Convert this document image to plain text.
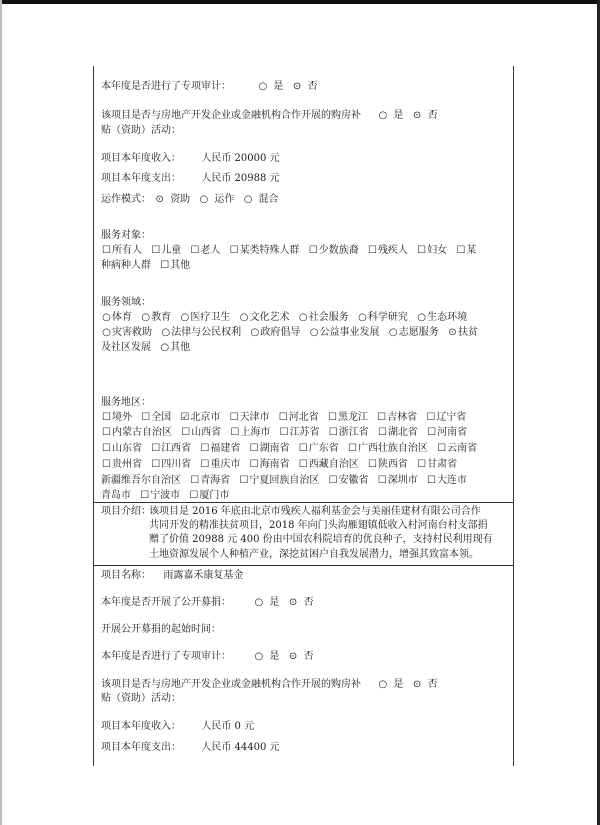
本年度是否进行了专项审计：	○ 是 ⊙ 否
该项目是否与房地产开发企业或金融机构合作开展的购房补 ○ 是 ⊙ 否
贴（资助）活动：
项目本年度收入： 人民币 20000 元
项目本年度支出： 人民币 20988 元
运作模式： ⊙ 资助 ○ 运作 ○ 混合
服务对象：
☐所有人 ☐儿童 ☐老人 ☐某类特殊人群 ☐少数族裔 ☐残疾人 ☐妇女 ☐某
种病种人群 ☐其他
服务领域：
○体育 ○教育 ○医疗卫生 ○文化艺术 ○社会服务 ○科学研究 ○生态环境
○灾害救助 ○法律与公民权利 ○政府倡导 ○公益事业发展 ○志愿服务 ⊙扶贫
及社区发展 ○其他
服务地区：
☐境外 ☐全国 ☑北京市 ☐天津市 ☐河北省 ☐黑龙江 ☐吉林省 ☐辽宁省
☐内蒙古自治区 ☐山西省 ☐上海市 ☐江苏省 ☐浙江省 ☐湖北省 ☐河南省
☐山东省 ☐江西省 ☐福建省 ☐湖南省 ☐广东省 ☐广西壮族自治区 ☐云南省
☐贵州省 ☐四川省 ☐重庆市 ☐海南省 ☐西藏自治区 ☐陕西省 ☐甘肃省
新疆维吾尔自治区 ☐青海省 ☐宁夏回族自治区 ☐安徽省 ☐深圳市 ☐大连市
青岛市 ☐宁波市 ☐厦门市
项目介绍：
该项目是 2016 年底由北京市残疾人福利基金会与美丽佳建材有限公司合作
共同开发的精准扶贫项目，2018 年向门头沟雁翅镇低收入村河南台村支部捐
赠了价值 20988 元 400 份由中国农科院培育的优良种子，支持村民利用现有
土地资源发展个人种植产业，深挖贫困户自我发展潜力，增强其致富本领。
项目名称： 雨露嘉禾康复基金
本年度是否开展了公开募捐： ○ 是 ⊙ 否
开展公开募捐的起始时间：
本年度是否进行了专项审计： ○ 是 ⊙ 否
该项目是否与房地产开发企业或金融机构合作开展的购房补 ○ 是 ⊙ 否
贴（资助）活动：
项目本年度收入： 人民币 0 元
项目本年度支出： 人民币 44400 元
